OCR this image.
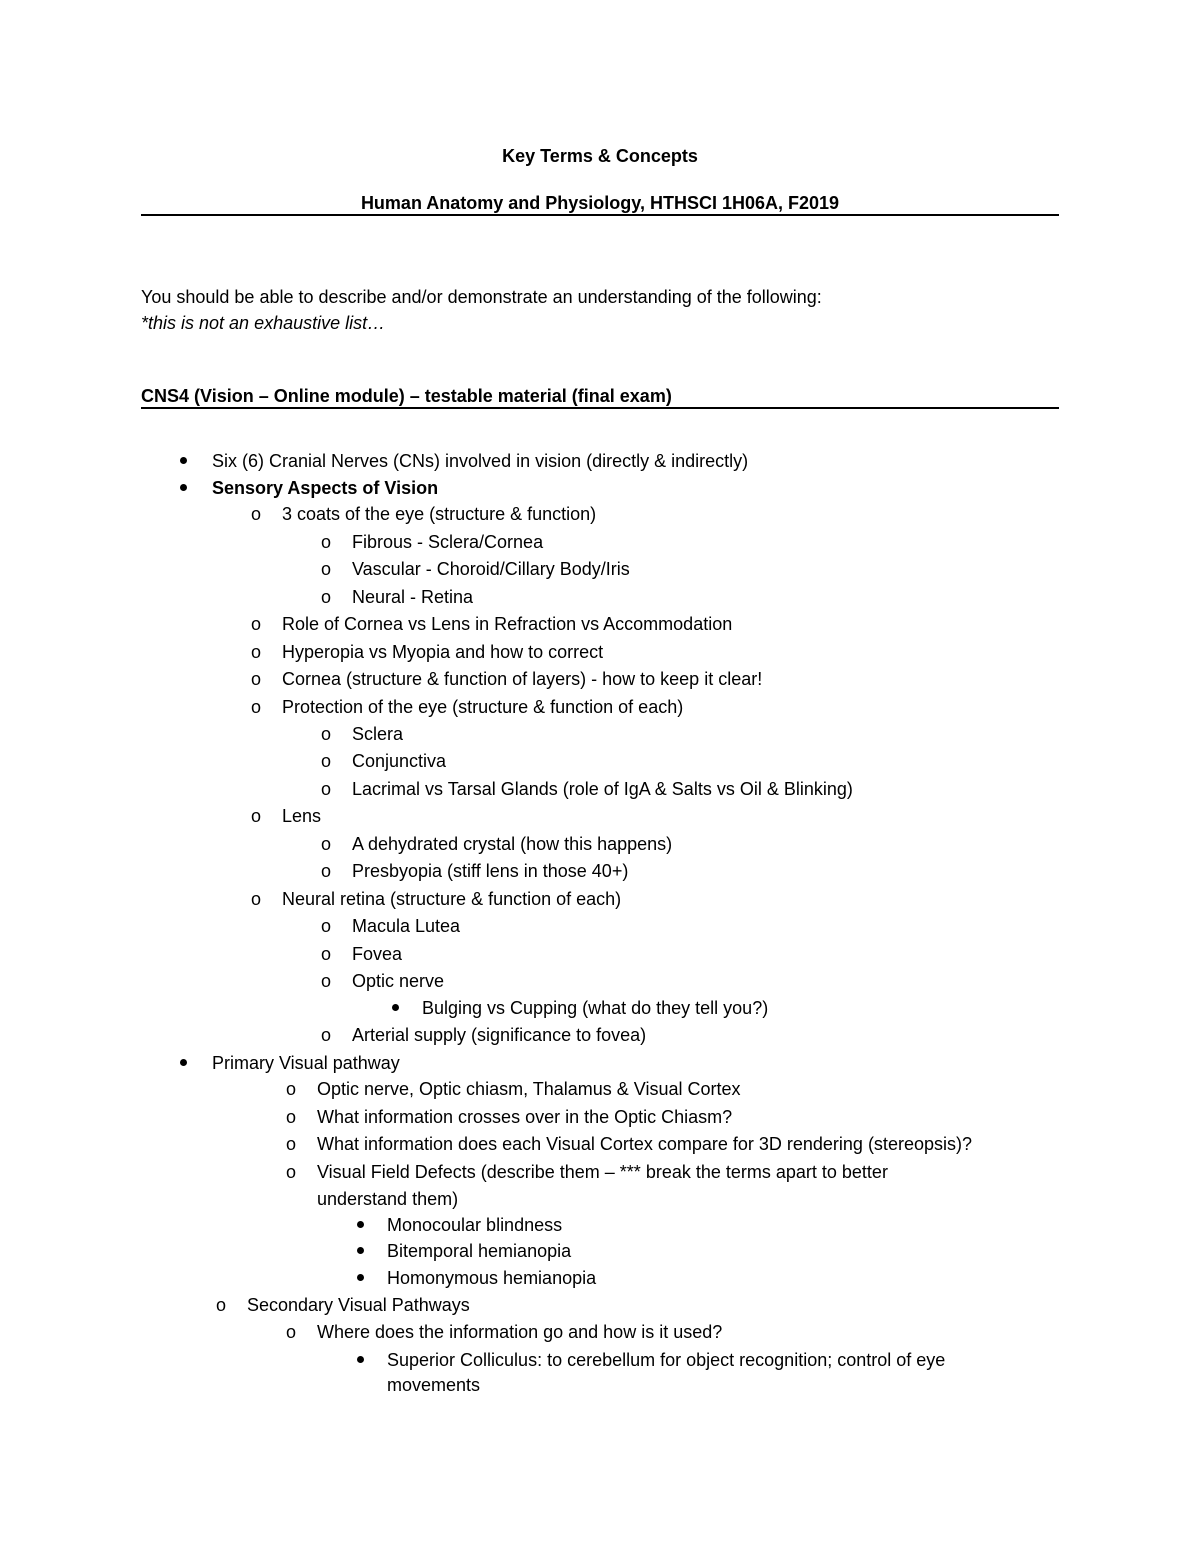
Key Terms & Concepts
Human Anatomy and Physiology, HTHSCI 1H06A, F2019
You should be able to describe and/or demonstrate an understanding of the following:
*this is not an exhaustive list…
CNS4 (Vision – Online module) – testable material (final exam)
Six (6) Cranial Nerves (CNs) involved in vision (directly & indirectly)
Sensory Aspects of Vision
o	3 coats of the eye (structure & function)
o	Fibrous - Sclera/Cornea
o	Vascular - Choroid/Cillary Body/Iris
o	Neural - Retina
o	Role of Cornea vs Lens in Refraction vs Accommodation
o	Hyperopia vs Myopia and how to correct
o	Cornea (structure & function of layers) - how to keep it clear!
o	Protection of the eye (structure & function of each)
o	Sclera
o	Conjunctiva
o	Lacrimal vs Tarsal Glands (role of IgA & Salts vs Oil & Blinking)
o	Lens
o	A dehydrated crystal (how this happens)
o	Presbyopia (stiff lens in those 40+)
o	Neural retina (structure & function of each)
o	Macula Lutea
o	Fovea
o	Optic nerve
Bulging vs Cupping (what do they tell you?)
o	Arterial supply (significance to fovea)
Primary Visual pathway
o	Optic nerve, Optic chiasm, Thalamus & Visual Cortex
o	What information crosses over in the Optic Chiasm?
o	What information does each Visual Cortex compare for 3D rendering (stereopsis)?
o	Visual Field Defects (describe them – *** break the terms apart to better
understand them)
Monocoular blindness
Bitemporal hemianopia
Homonymous hemianopia
o	Secondary Visual Pathways
o	Where does the information go and how is it used?
Superior Colliculus: to cerebellum for object recognition; control of eye
movements
